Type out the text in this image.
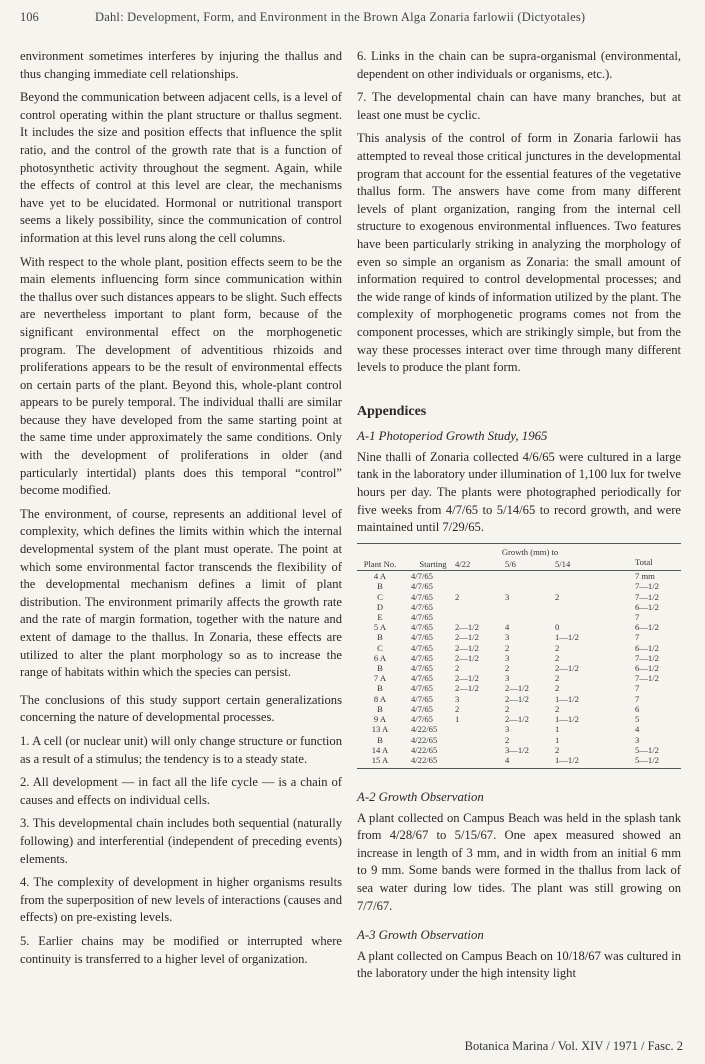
106	Dahl: Development, Form, and Environment in the Brown Alga Zonaria farlowii (Dictyotales)

environment sometimes interferes by injuring the thallus and thus changing immediate cell relationships.

Beyond the communication between adjacent cells, is a level of control operating within the plant structure or thallus segment. It includes the size and position effects that influence the split ratio, and the control of the growth rate that is a function of photosynthetic activity throughout the segment. Again, while the effects of control at this level are clear, the mechanisms have yet to be elucidated. Hormonal or nutritional transport seems a likely possibility, since the communication of control information at this level runs along the cell columns.

With respect to the whole plant, position effects seem to be the main elements influencing form since communication within the thallus over such distances appears to be slight. Such effects are nevertheless important to plant form, because of the significant environmental effect on the morphogenetic program. The development of adventitious rhizoids and proliferations appears to be the result of environmental effects on certain parts of the plant. Beyond this, whole-plant control appears to be purely temporal. The individual thalli are similar because they have developed from the same starting point at the same time under approximately the same conditions. Only with the development of proliferations in older (and particularly intertidal) plants does this temporal “control” become modified.

The environment, of course, represents an additional level of complexity, which defines the limits within which the internal developmental system of the plant must operate. The point at which some environmental factor transcends the flexibility of the developmental mechanism defines a limit of plant distribution. The environment primarily affects the growth rate and the rate of margin formation, together with the nature and extent of damage to the thallus. In Zonaria, these effects are utilized to alter the plant morphology so as to increase the range of habitats within which the species can persist.

The conclusions of this study support certain generalizations concerning the nature of developmental processes.

1. A cell (or nuclear unit) will only change structure or function as a result of a stimulus; the tendency is to a steady state.

2. All development — in fact all the life cycle — is a chain of causes and effects on individual cells.

3. This developmental chain includes both sequential (naturally following) and interferential (independent of preceding events) elements.

4. The complexity of development in higher organisms results from the superposition of new levels of interactions (causes and effects) on pre-existing levels.

5. Earlier chains may be modified or interrupted where continuity is transferred to a higher level of organization.

6. Links in the chain can be supra-organismal (environmental, dependent on other individuals or organisms, etc.).

7. The developmental chain can have many branches, but at least one must be cyclic.

This analysis of the control of form in Zonaria farlowii has attempted to reveal those critical junctures in the developmental program that account for the essential features of the vegetative thallus form. The answers have come from many different levels of plant organization, ranging from the internal cell structure to exogenous environmental influences. Two features have been particularly striking in analyzing the morphology of even so simple an organism as Zonaria: the small amount of information required to control developmental processes; and the wide range of kinds of information utilized by the plant. The complexity of morphogenetic programs comes not from the component processes, which are strikingly simple, but from the way these processes interact over time through many different levels to produce the plant form.

Appendices
A-1 Photoperiod Growth Study, 1965

Nine thalli of Zonaria collected 4/6/65 were cultured in a large tank in the laboratory under illumination of 1,100 lux for twelve hours per day. The plants were photographed periodically for five weeks from 4/7/65 to 5/14/65 to record growth, and were maintained until 7/29/65.

		Growth (mm) to			
Plant No.	Starting	4/22	5/6	5/14	Total
4 A	4/7/65				7 mm
B	4/7/65				7—1/2
C	4/7/65	2	3	2	7—1/2
D	4/7/65				6—1/2
E	4/7/65				7
5 A	4/7/65	2—1/2	4	0	6—1/2
B	4/7/65	2—1/2	3	1—1/2	7
C	4/7/65	2—1/2	2	2	6—1/2
6 A	4/7/65	2—1/2	3	2	7—1/2
B	4/7/65	2	2	2—1/2	6—1/2
7 A	4/7/65	2—1/2	3	2	7—1/2
B	4/7/65	2—1/2	2—1/2	2	7
8 A	4/7/65	3	2—1/2	1—1/2	7
B	4/7/65	2	2	2	6
9 A	4/7/65	1	2—1/2	1—1/2	5
13 A	4/22/65		3	1	4
B	4/22/65		2	1	3
14 A	4/22/65		3—1/2	2	5—1/2
15 A	4/22/65		4	1—1/2	5—1/2
A-2 Growth Observation

A plant collected on Campus Beach was held in the splash tank from 4/28/67 to 5/15/67. One apex measured showed an increase in length of 3 mm, and in width from an initial 6 mm to 9 mm. Some bands were formed in the thallus from lack of sea water during low tides. The plant was still growing on 7/7/67.

A-3 Growth Observation

A plant collected on Campus Beach on 10/18/67 was cultured in the laboratory under the high intensity light

Botanica Marina / Vol. XIV / 1971 / Fasc. 2
